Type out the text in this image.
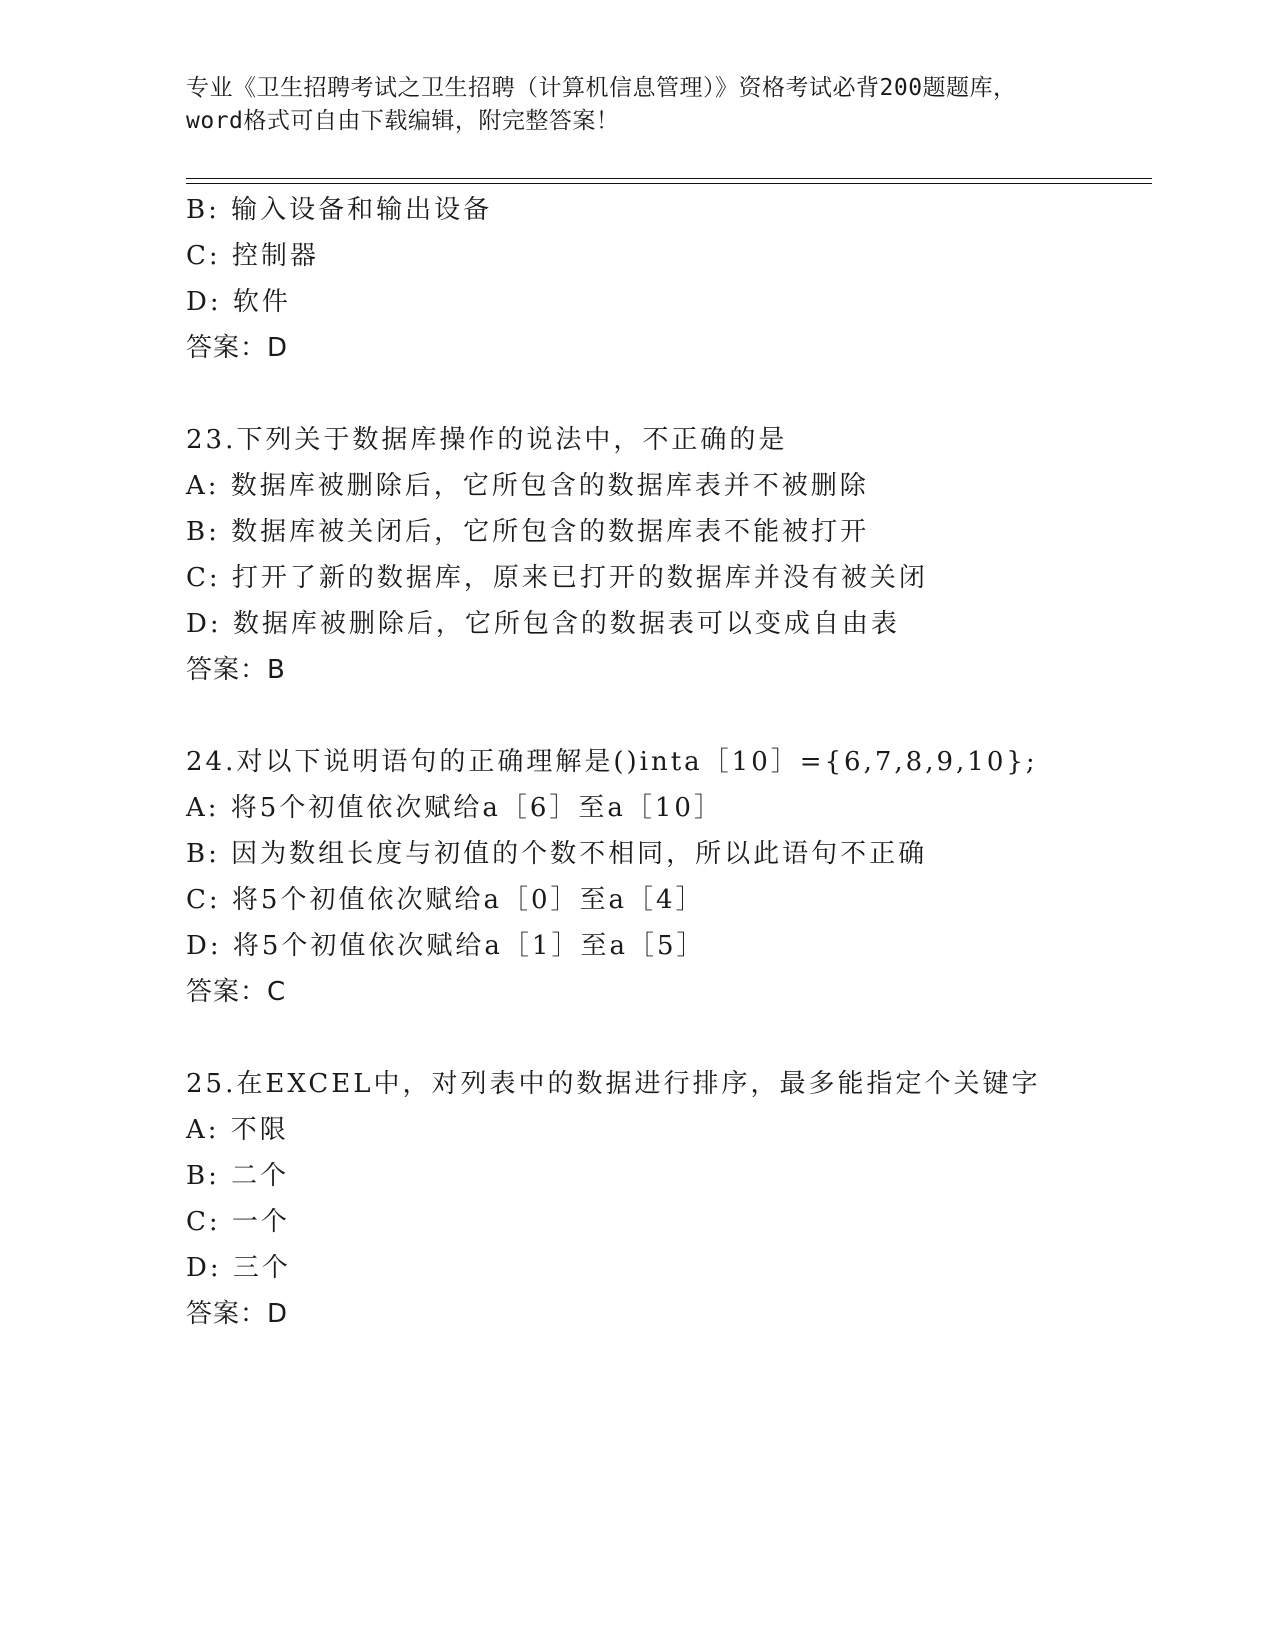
专业《卫生招聘考试之卫生招聘（计算机信息管理）》资格考试必背200题题库，
word格式可自由下载编辑，附完整答案！
B: 输入设备和输出设备
C: 控制器
D: 软件
答案：D
23.下列关于数据库操作的说法中，不正确的是
A: 数据库被删除后，它所包含的数据库表并不被删除
B: 数据库被关闭后，它所包含的数据库表不能被打开
C: 打开了新的数据库，原来已打开的数据库并没有被关闭
D: 数据库被删除后，它所包含的数据表可以变成自由表
答案：B
24.对以下说明语句的正确理解是()inta［10］={6,7,8,9,10};
A: 将5个初值依次赋给a［6］至a［10］
B: 因为数组长度与初值的个数不相同，所以此语句不正确
C: 将5个初值依次赋给a［0］至a［4］
D: 将5个初值依次赋给a［1］至a［5］
答案：C
25.在EXCEL中，对列表中的数据进行排序，最多能指定个关键字
A: 不限
B: 二个
C: 一个
D: 三个
答案：D
